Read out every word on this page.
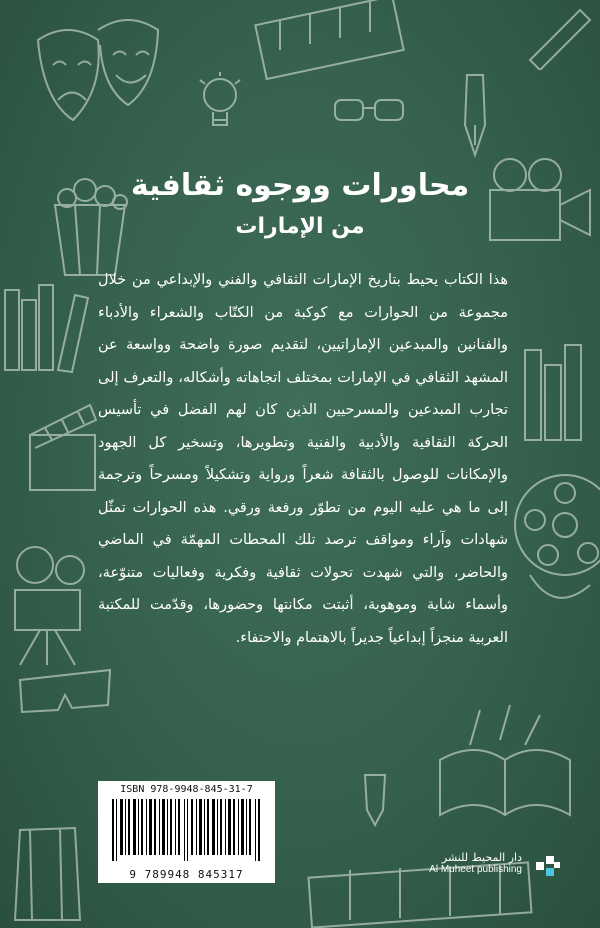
محاورات ووجوه ثقافية
من الإمارات
هذا الكتاب يحيط بتاريخ الإمارات الثقافي والفني والإبداعي من خلال مجموعة من الحوارات مع كوكبة من الكتّاب والشعراء والأدباء والفنانين والمبدعين الإماراتيين، لتقديم صورة واضحة وواسعة عن المشهد الثقافي في الإمارات بمختلف اتجاهاته وأشكاله، والتعرف إلى تجارب المبدعين والمسرحيين الذين كان لهم الفضل في تأسيس الحركة الثقافية والأدبية والفنية وتطويرها، وتسخير كل الجهود والإمكانات للوصول بالثقافة شعراً ورواية وتشكيلاً ومسرحاً وترجمة إلى ما هي عليه اليوم من تطوّر ورفعة ورقي. هذه الحوارات تمثّل شهادات وآراء ومواقف ترصد تلك المحطات المهمّة في الماضي والحاضر، والتي شهدت تحولات ثقافية وفكرية وفعاليات متنوّعة، وأسماء شابة وموهوبة، أثبتت مكانتها وحضورها، وقدّمت للمكتبة العربية منجزاً إبداعياً جديراً بالاهتمام والاحتفاء.
ISBN 978-9948-845-31-7
9 789948 845317
دار المحيط للنشر
Al Muheet publishing
